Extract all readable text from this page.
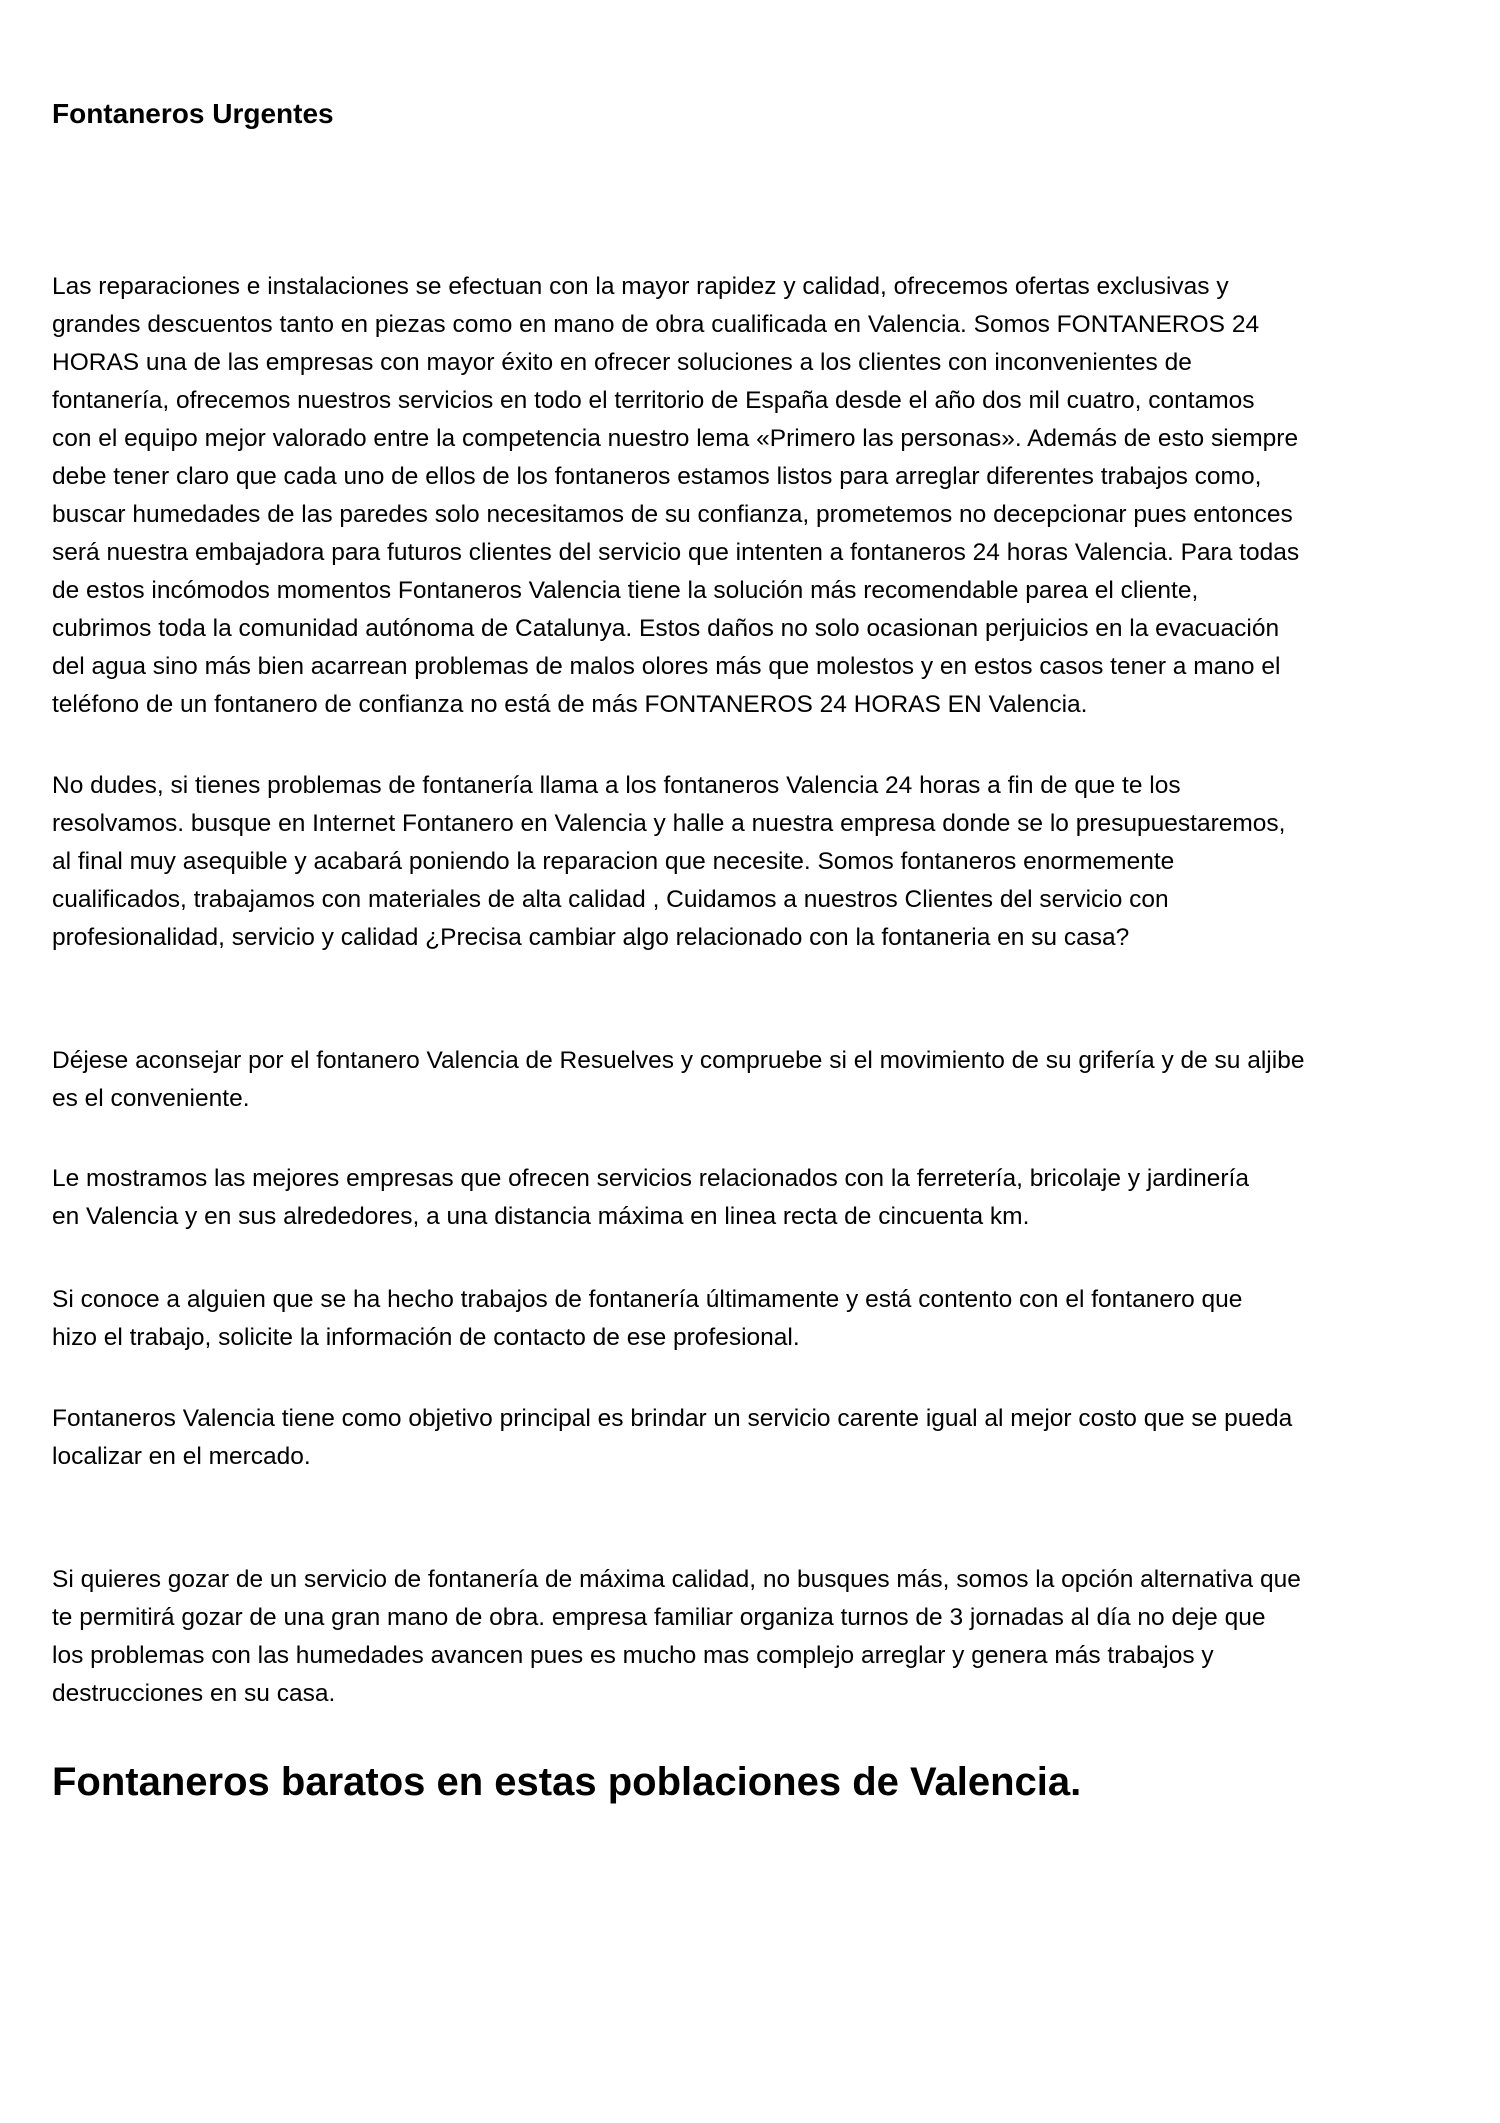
Fontaneros Urgentes
Las reparaciones e instalaciones se efectuan con la mayor rapidez y calidad, ofrecemos ofertas exclusivas y
grandes descuentos tanto en piezas como en mano de obra cualificada en Valencia. Somos FONTANEROS 24
HORAS una de las empresas con mayor éxito en ofrecer soluciones a los clientes con inconvenientes de
fontanería, ofrecemos nuestros servicios en todo el territorio de España desde el año dos mil cuatro, contamos
con el equipo mejor valorado entre la competencia nuestro lema «Primero las personas». Además de esto siempre
debe tener claro que cada uno de ellos de los fontaneros estamos listos para arreglar diferentes trabajos como,
buscar humedades de las paredes solo necesitamos de su confianza, prometemos no decepcionar pues entonces
será nuestra embajadora para futuros clientes del servicio que intenten a fontaneros 24 horas Valencia. Para todas
de estos incómodos momentos Fontaneros Valencia tiene la solución más recomendable parea el cliente,
cubrimos toda la comunidad autónoma de Catalunya. Estos daños no solo ocasionan perjuicios en la evacuación
del agua sino más bien acarrean problemas de malos olores más que molestos y en estos casos tener a mano el
teléfono de un fontanero de confianza no está de más FONTANEROS 24 HORAS EN Valencia.
No dudes, si tienes problemas de fontanería llama a los fontaneros Valencia 24 horas a fin de que te los
resolvamos. busque en Internet Fontanero en Valencia y halle a nuestra empresa donde se lo presupuestaremos,
al final muy asequible y acabará poniendo la reparacion que necesite. Somos fontaneros enormemente
cualificados, trabajamos con materiales de alta calidad , Cuidamos a nuestros Clientes del servicio con
profesionalidad, servicio y calidad ¿Precisa cambiar algo relacionado con la fontaneria en su casa?
Déjese aconsejar por el fontanero Valencia de Resuelves y compruebe si el movimiento de su grifería y de su aljibe
es el conveniente.
Le mostramos las mejores empresas que ofrecen servicios relacionados con la ferretería, bricolaje y jardinería
en Valencia y en sus alrededores, a una distancia máxima en linea recta de cincuenta km.
Si conoce a alguien que se ha hecho trabajos de fontanería últimamente y está contento con el fontanero que
hizo el trabajo, solicite la información de contacto de ese profesional.
Fontaneros Valencia tiene como objetivo principal es brindar un servicio carente igual al mejor costo que se pueda
localizar en el mercado.
Si quieres gozar de un servicio de fontanería de máxima calidad, no busques más, somos la opción alternativa que
te permitirá gozar de una gran mano de obra. empresa familiar organiza turnos de 3 jornadas al día no deje que
los problemas con las humedades avancen pues es mucho mas complejo arreglar y genera más trabajos y
destrucciones en su casa.
Fontaneros baratos en estas poblaciones de Valencia.
